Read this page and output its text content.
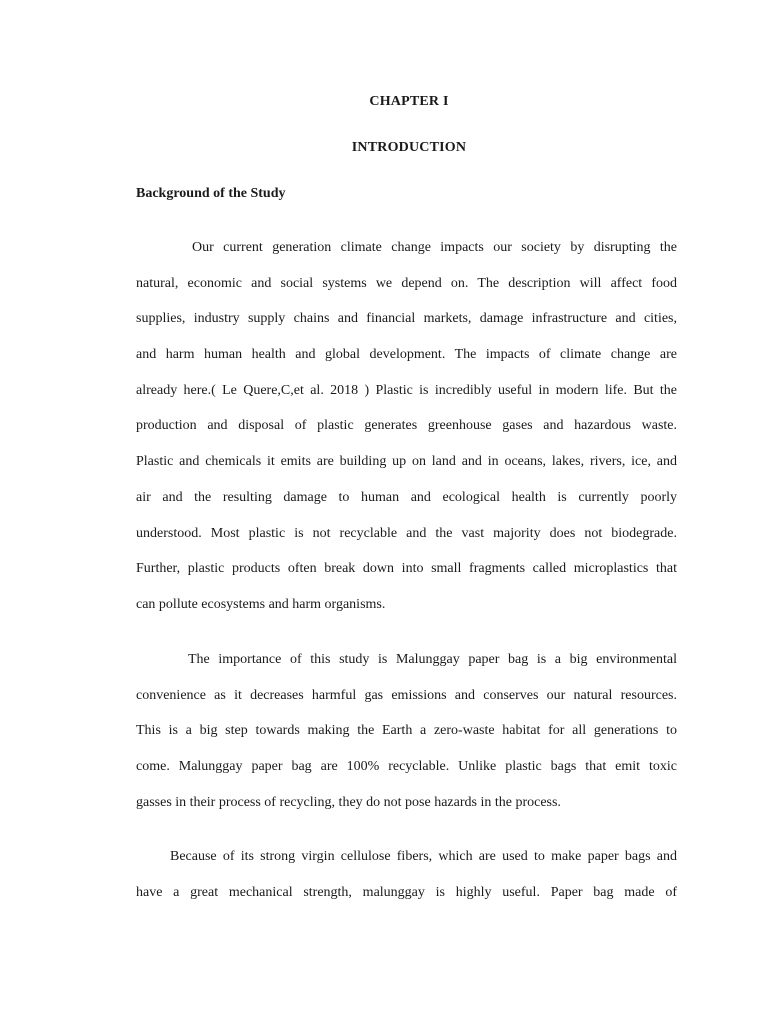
CHAPTER I
INTRODUCTION
Background of the Study
Our current generation climate change impacts our society by disrupting the
natural, economic and social systems we depend on. The description will affect food
supplies, industry supply chains and financial markets, damage infrastructure and cities,
and harm human health and global development. The impacts of climate change are
already here.( Le Quere,C,et al. 2018 ) Plastic is incredibly useful in modern life. But the
production and disposal of plastic generates greenhouse gases and hazardous waste.
Plastic and chemicals it emits are building up on land and in oceans, lakes, rivers, ice, and
air and the resulting damage to human and ecological health is currently poorly
understood. Most plastic is not recyclable and the vast majority does not biodegrade.
Further, plastic products often break down into small fragments called microplastics that
can pollute ecosystems and harm organisms.
The importance of this study is Malunggay paper bag is a big environmental
convenience as it decreases harmful gas emissions and conserves our natural resources.
This is a big step towards making the Earth a zero-waste habitat for all generations to
come. Malunggay paper bag are 100% recyclable. Unlike plastic bags that emit toxic
gasses in their process of recycling, they do not pose hazards in the process.
Because of its strong virgin cellulose fibers, which are used to make paper bags and
have a great mechanical strength, malunggay is highly useful. Paper bag made of
